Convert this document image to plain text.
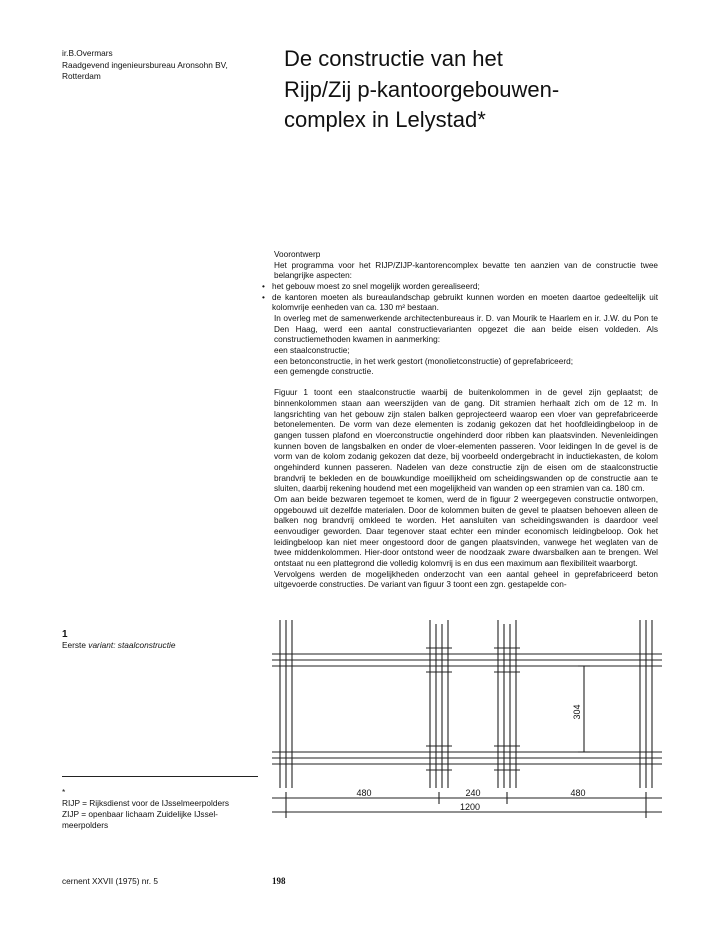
ir.B.Overmars
Raadgevend ingenieursbureau Aronsohn BV,
Rotterdam
De constructie van het
Rijp/Zij p-kantoorgebouwen-
complex in Lelystad*

Voorontwerp

Het programma voor het RIJP/ZIJP-kantorencomplex bevatte ten aanzien van de constructie twee belangrijke aspecten:

• het gebouw moest zo snel mogelijk worden gerealiseerd;

• de kantoren moeten als bureaulandschap gebruikt kunnen worden en moeten daartoe gedeeltelijk uit kolomvrije eenheden van ca. 130 m² bestaan.

In overleg met de samenwerkende architectenbureaus ir. D. van Mourik te Haarlem en ir. J.W. du Pon te Den Haag, werd een aantal constructievarianten opgezet die aan beide eisen voldeden. Als constructiemethoden kwamen in aanmerking:

een staalconstructie;

een betonconstructie, in het werk gestort (monolietconstructie) of geprefabriceerd;

een gemengde constructie.

Figuur 1 toont een staalconstructie waarbij de buitenkolommen in de gevel zijn geplaatst; de binnenkolommen staan aan weerszijden van de gang. Dit stramien herhaalt zich om de 12 m. In langsrichting van het gebouw zijn stalen balken geprojecteerd waarop een vloer van geprefabriceerde betonelementen. De vorm van deze elementen is zodanig gekozen dat het hoofdleidingbeloop in de gangen tussen plafond en vloerconstructie ongehinderd door ribben kan plaatsvinden. Nevenleidingen kunnen boven de langsbalken en onder de vloer-elementen passeren. Voor leidingen In de gevel is de vorm van de kolom zodanig gekozen dat deze, bij voorbeeld ondergebracht in inductiekasten, de kolom ongehinderd kunnen passeren. Nadelen van deze constructie zijn de eisen om de staalconstructie brandvrij te bekleden en de bouwkundige moeilijkheid om scheidingswanden op de constructie aan te sluiten, daarbij rekening houdend met een mogelijkheid van wanden op een stramien van ca. 180 cm.

Om aan beide bezwaren tegemoet te komen, werd de in figuur 2 weergegeven constructie ontworpen, opgebouwd uit dezelfde materialen. Door de kolommen buiten de gevel te plaatsen behoeven alleen de balken nog brandvrij omkleed te worden. Het aansluiten van scheidingswanden is daardoor veel eenvoudiger geworden. Daar tegenover staat echter een minder economisch leidingbeloop. Ook het leidingbeloop kan niet meer ongestoord door de gangen plaatsvinden, vanwege het weglaten van de twee middenkolommen. Hier-door ontstond weer de noodzaak zware dwarsbalken aan te brengen. Wel ontstaat nu een plattegrond die volledig kolomvrij is en dus een maximum aan flexibiliteit waarborgt.

Vervolgens werden de mogelijkheden onderzocht van een aantal geheel in geprefabriceerd beton uitgevoerde constructies. De variant van figuur 3 toont een zgn. gestapelde con-

1
Eerste variant: staalconstructie
*
RIJP = Rijksdienst voor de IJsselmeerpolders
ZIJP = openbaar lichaam Zuidelijke IJssel-
meerpolders
304
480	240	480
1200
cernent XXVII (1975) nr. 5	198
